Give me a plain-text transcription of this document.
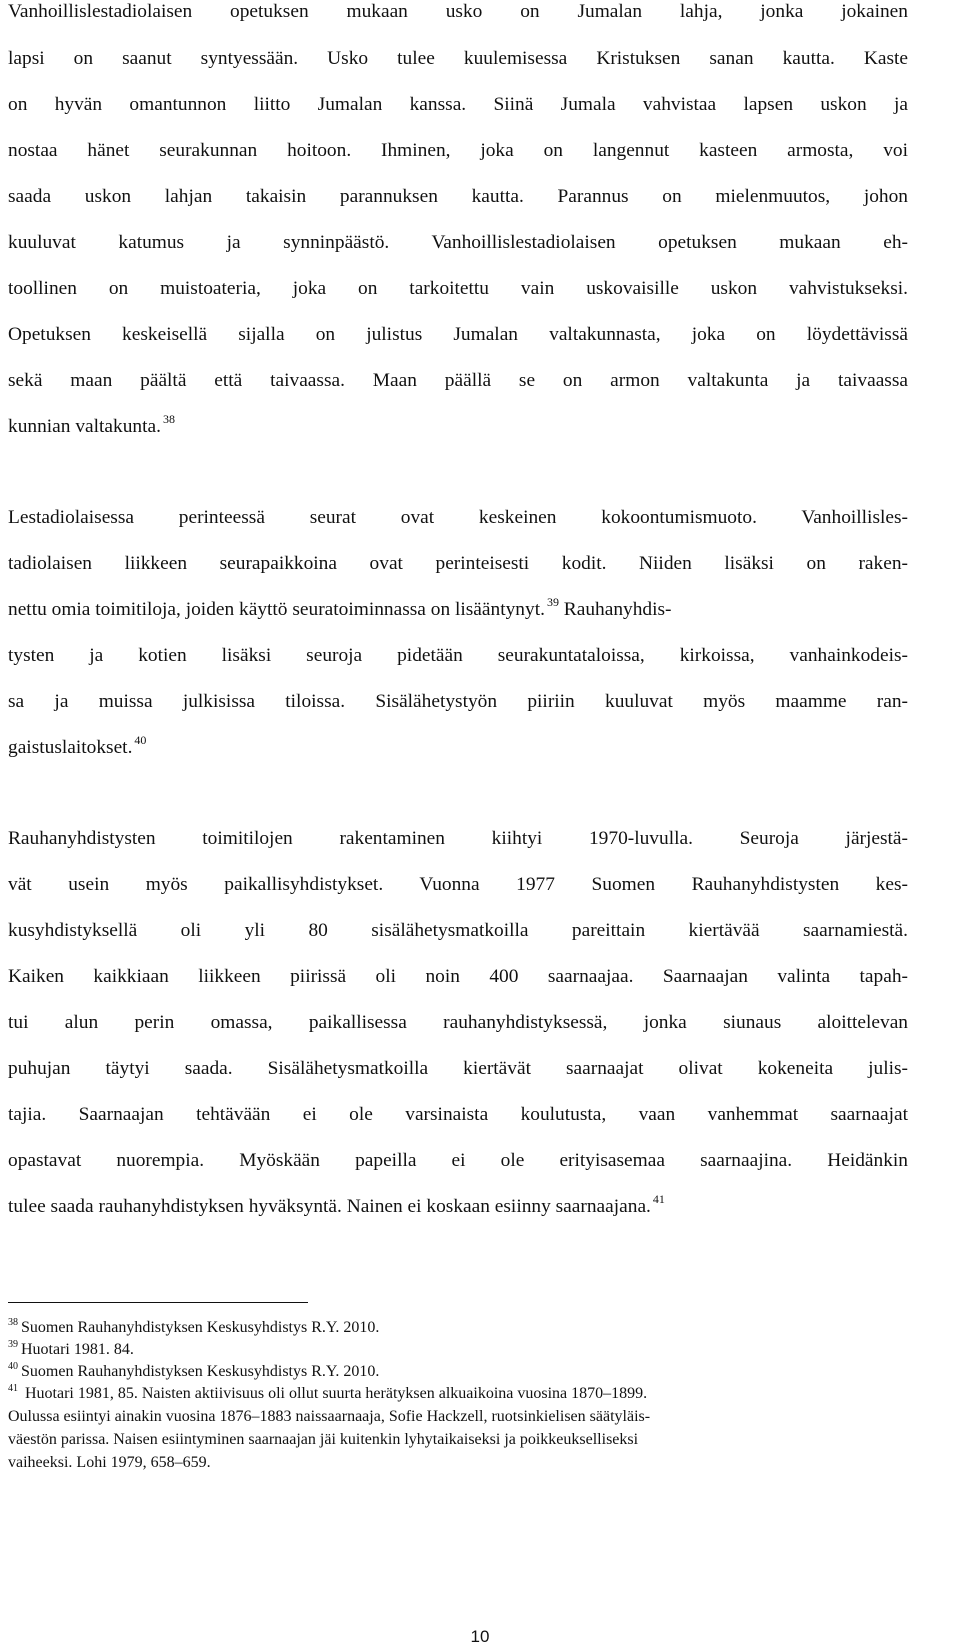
Vanhoillislestadiolaisen opetuksen mukaan usko on Jumalan lahja, jonka jokainen
lapsi on saanut syntyessään. Usko tulee kuulemisessa Kristuksen sanan kautta. Kaste
on hyvän omantunnon liitto Jumalan kanssa. Siinä Jumala vahvistaa lapsen uskon ja
nostaa hänet seurakunnan hoitoon. Ihminen, joka on langennut kasteen armosta, voi
saada uskon lahjan takaisin parannuksen kautta. Parannus on mielenmuutos, johon
kuuluvat katumus ja synninpäästö. Vanhoillislestadiolaisen opetuksen mukaan eh-
toollinen on muistoateria, joka on tarkoitettu vain uskovaisille uskon vahvistukseksi.
Opetuksen keskeisellä sijalla on julistus Jumalan valtakunnasta, joka on löydettävissä
sekä maan päältä että taivaassa. Maan päällä se on armon valtakunta ja taivaassa
kunnian valtakunta. $^{38}$
Lestadiolaisessa perinteessä seurat ovat keskeinen kokoontumismuoto. Vanhoillisles-
tadiolaisen liikkeen seurapaikkoina ovat perinteisesti kodit. Niiden lisäksi on raken-
nettu omia toimitiloja, joiden käyttö seuratoiminnassa on lisääntynyt. $^{39}$ Rauhanyhdis-
tysten ja kotien lisäksi seuroja pidetään seurakuntataloissa, kirkoissa, vanhainkodeis-
sa ja muissa julkisissa tiloissa. Sisälähetystyön piiriin kuuluvat myös maamme ran-
gaistuslaitokset. $^{40}$
Rauhanyhdistysten toimitilojen rakentaminen kiihtyi 1970-luvulla. Seuroja järjestä-
vät usein myös paikallisyhdistykset. Vuonna 1977 Suomen Rauhanyhdistysten kes-
kusyhdistyksellä oli yli 80 sisälähetysmatkoilla pareittain kiertävää saarnamiestä.
Kaiken kaikkiaan liikkeen piirissä oli noin 400 saarnaajaa. Saarnaajan valinta tapah-
tui alun perin omassa, paikallisessa rauhanyhdistyksessä, jonka siunaus aloittelevan
puhujan täytyi saada. Sisälähetysmatkoilla kiertävät saarnaajat olivat kokeneita julis-
tajia. Saarnaajan tehtävään ei ole varsinaista koulutusta, vaan vanhemmat saarnaajat
opastavat nuorempia. Myöskään papeilla ei ole erityisasemaa saarnaajina. Heidänkin
tulee saada rauhanyhdistyksen hyväksyntä. Nainen ei koskaan esiinny saarnaajana. $^{41}$
$^{38}$ Suomen Rauhanyhdistyksen Keskusyhdistys R.Y. 2010.
$^{39}$ Huotari 1981. 84.
$^{40}$ Suomen Rauhanyhdistyksen Keskusyhdistys R.Y. 2010.
$^{41}$ Huotari 1981, 85. Naisten aktiivisuus oli ollut suurta herätyksen alkuaikoina vuosina 1870–1899.
Oulussa esiintyi ainakin vuosina 1876–1883 naissaarnaaja, Sofie Hackzell, ruotsinkielisen säätyläis-
väestön parissa. Naisen esiintyminen saarnaajan jäi kuitenkin lyhytaikaiseksi ja poikkeukselliseksi
vaiheeksi. Lohi 1979, 658–659.
10
